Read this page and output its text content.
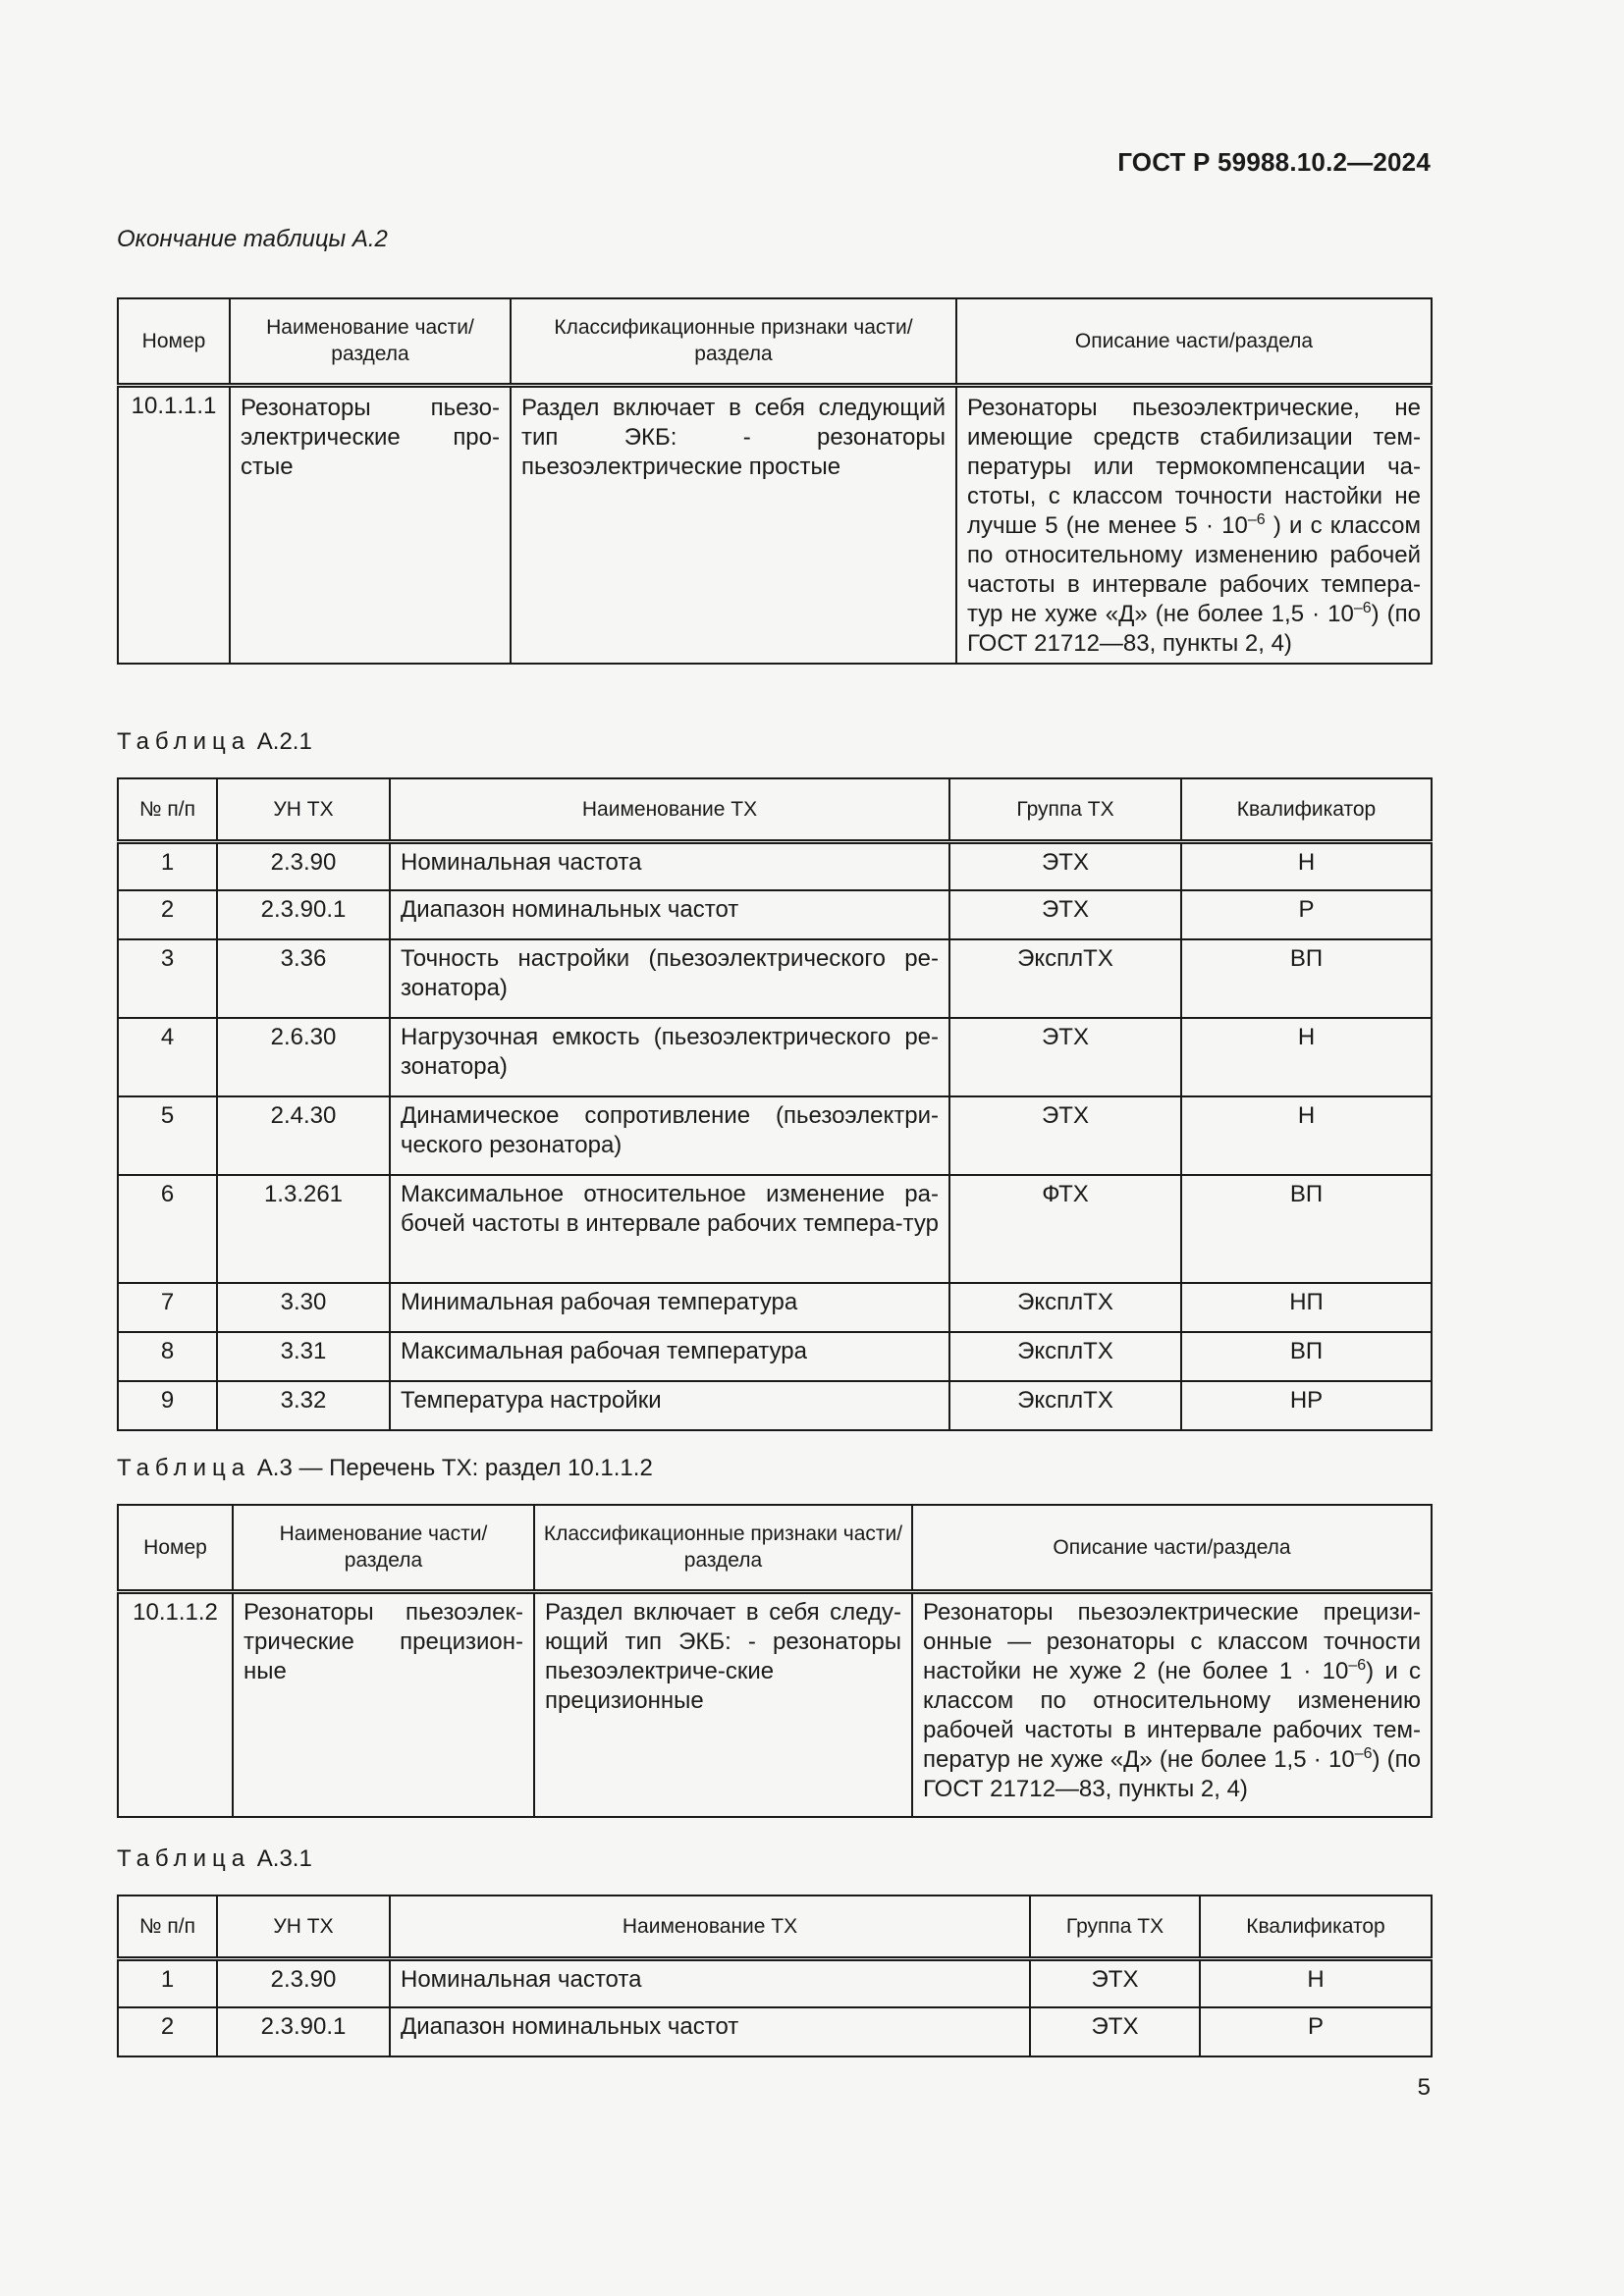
ГОСТ Р 59988.10.2—2024
Окончание таблицы А.2
Номер	Наименование части/ раздела	Классификационные признаки части/ раздела	Описание части/раздела
10.1.1.1	Резонаторы пьезо-электрические про-стые	Раздел включает в себя следующий тип ЭКБ: - резонаторы пьезоэлектрические простые	Резонаторы пьезоэлектрические, не имеющие средств стабилизации тем-пературы или термокомпенсации ча-стоты, с классом точности настойки не лучше 5 (не менее $5 \cdot 10^{-6}$ ) и с классом по относительному изменению рабочей частоты в интервале рабочих темпера-тур не хуже «Д» (не более $1,5 \cdot 10^{-6}$) (по ГОСТ 21712—83, пункты 2, 4)
Таблица А.2.1
№ п/п	УН ТХ	Наименование ТХ	Группа ТХ	Квалификатор
1	2.3.90	Номинальная частота	ЭТХ	Н
2	2.3.90.1	Диапазон номинальных частот	ЭТХ	Р
3	3.36	Точность настройки (пьезоэлектрического ре-зонатора)	ЭксплТХ	ВП
4	2.6.30	Нагрузочная емкость (пьезоэлектрического ре-зонатора)	ЭТХ	Н
5	2.4.30	Динамическое сопротивление (пьезоэлектри-ческого резонатора)	ЭТХ	Н
6	1.3.261	Максимальное относительное изменение ра-бочей частоты в интервале рабочих темпера-тур	ФТХ	ВП
7	3.30	Минимальная рабочая температура	ЭксплТХ	НП
8	3.31	Максимальная рабочая температура	ЭксплТХ	ВП
9	3.32	Температура настройки	ЭксплТХ	НР
Таблица А.3 — Перечень ТХ: раздел 10.1.1.2
Номер	Наименование части/ раздела	Классификационные признаки части/раздела	Описание части/раздела
10.1.1.2	Резонаторы пьезоэлек-трические прецизион-ные	Раздел включает в себя следу-ющий тип ЭКБ: - резонаторы пьезоэлектриче-ские прецизионные	Резонаторы пьезоэлектрические прецизи-онные — резонаторы с классом точности настойки не хуже 2 (не более $1 \cdot 10^{-6}$) и с классом по относительному изменению рабочей частоты в интервале рабочих тем-ператур не хуже «Д» (не более $1,5 \cdot 10^{-6}$) (по ГОСТ 21712—83, пункты 2, 4)
Таблица А.3.1
№ п/п	УН ТХ	Наименование ТХ	Группа ТХ	Квалификатор
1	2.3.90	Номинальная частота	ЭТХ	Н
2	2.3.90.1	Диапазон номинальных частот	ЭТХ	Р
5
